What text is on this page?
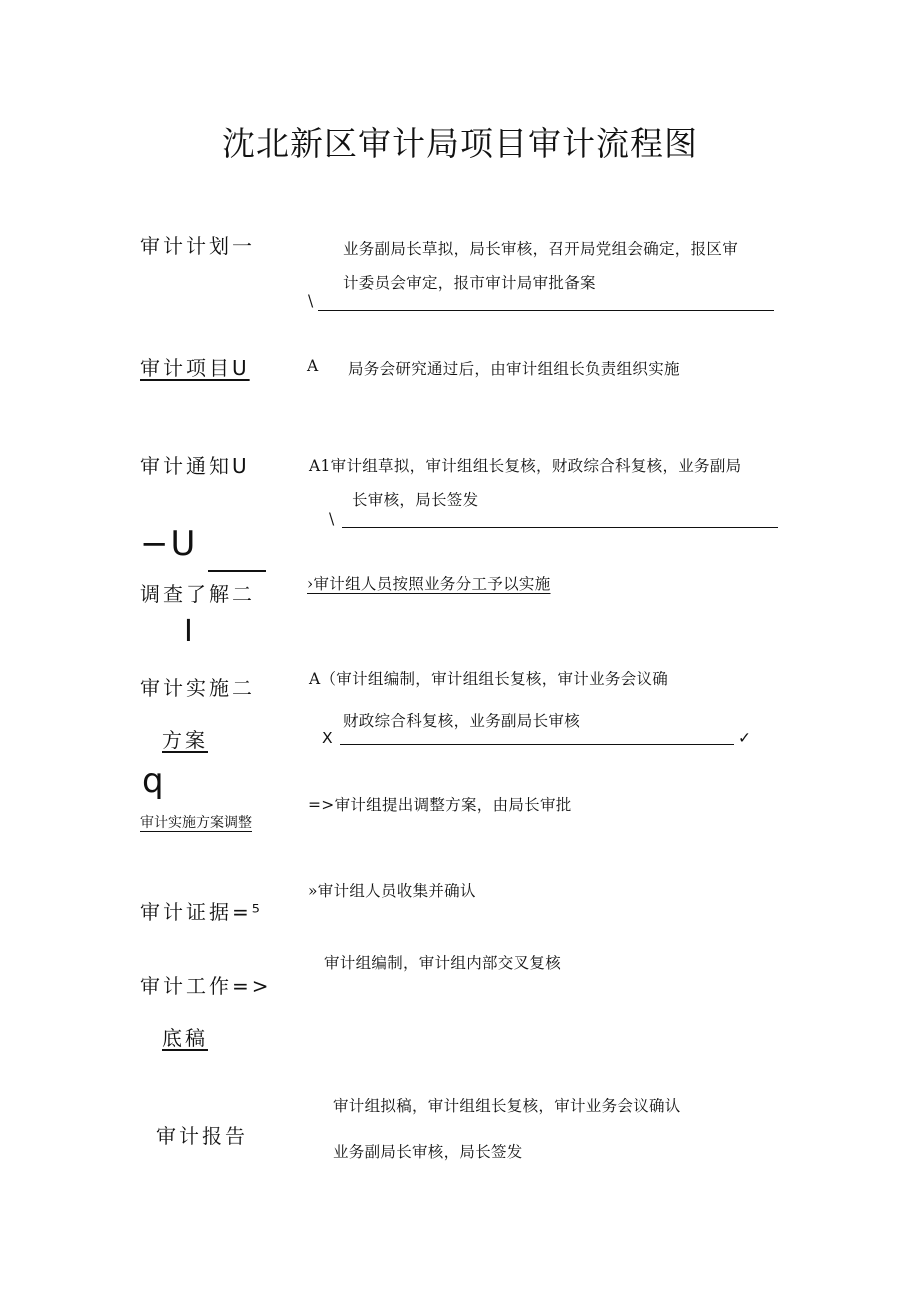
沈北新区审计局项目审计流程图
审计计划一
审计项目U
审计通知U
−U
调查了解二
I
审计实施二
方案
q
审计实施方案调整
审计证据=⁵
审计工作=>
底稿
审计报告
业务副局长草拟，局长审核，召开局党组会确定，报区审
计委员会审定，报市审计局审批备案
\
A 局务会研究通过后，由审计组组长负责组织实施
A1审计组草拟，审计组组长复核，财政综合科复核，业务副局
长审核，局长签发
\
›审计组人员按照业务分工予以实施
A（审计组编制，审计组组长复核，审计业务会议确
财政综合科复核，业务副局长审核
X	✓
=>审计组提出调整方案，由局长审批
»审计组人员收集并确认
审计组编制，审计组内部交叉复核
审计组拟稿，审计组组长复核，审计业务会议确认
业务副局长审核，局长签发
